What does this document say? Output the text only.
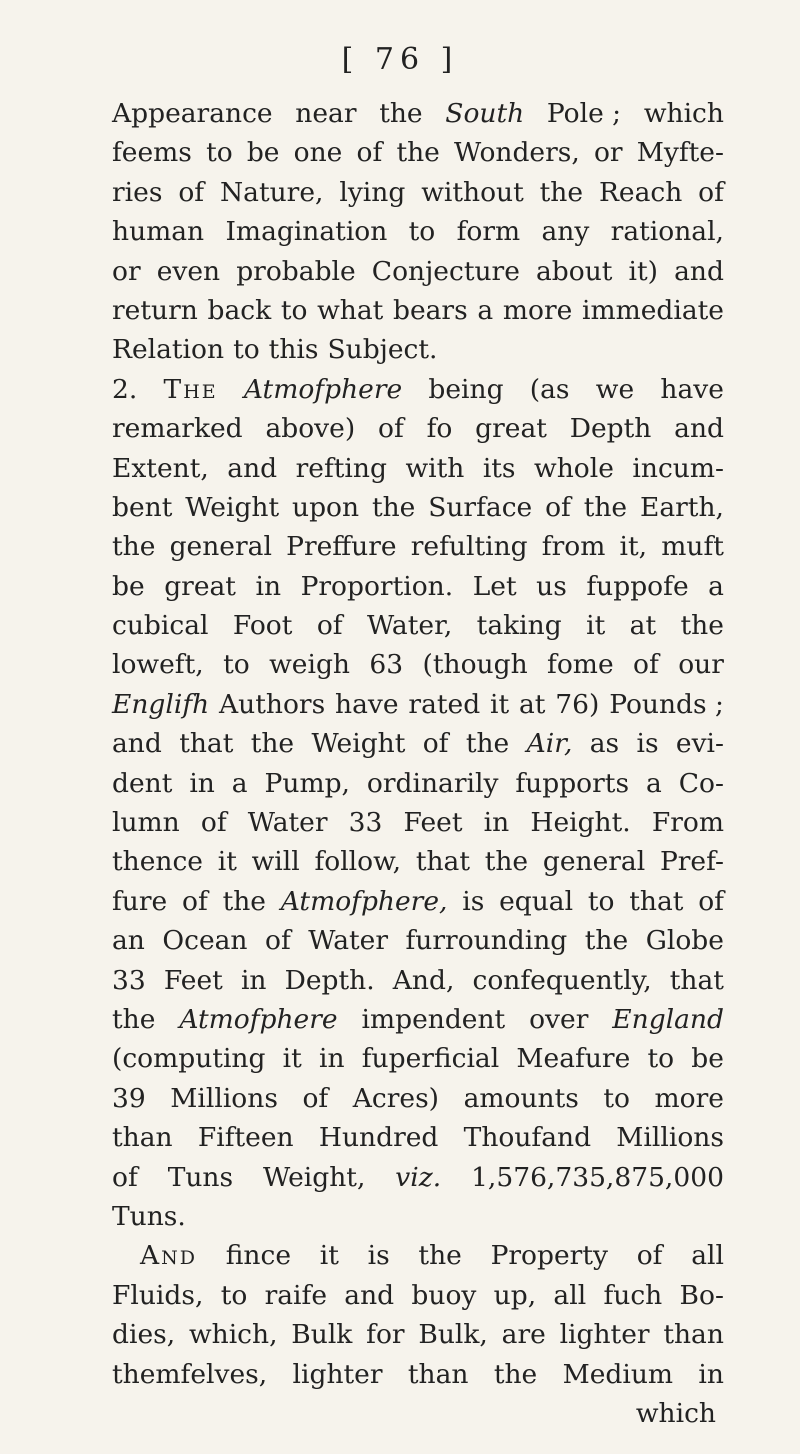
[ 76 ]
Appearance near the South Pole ; which
feems to be one of the Wonders, or Myfte-
ries of Nature, lying without the Reach of
human Imagination to form any rational,
or even probable Conjecture about it) and
return back to what bears a more immediate
Relation to this Subject.
2. The Atmofphere being (as we have
remarked above) of fo great Depth and
Extent, and refting with its whole incum-
bent Weight upon the Surface of the Earth,
the general Preffure refulting from it, muft
be great in Proportion. Let us fuppofe a
cubical Foot of Water, taking it at the
loweft, to weigh 63 (though fome of our
Englifh Authors have rated it at 76) Pounds ;
and that the Weight of the Air, as is evi-
dent in a Pump, ordinarily fupports a Co-
lumn of Water 33 Feet in Height. From
thence it will follow, that the general Pref-
fure of the Atmofphere, is equal to that of
an Ocean of Water furrounding the Globe
33 Feet in Depth. And, confequently, that
the Atmofphere impendent over England
(computing it in fuperficial Meafure to be
39 Millions of Acres) amounts to more
than Fifteen Hundred Thoufand Millions
of Tuns Weight, viz. 1,576,735,875,000
Tuns.
And fince it is the Property of all
Fluids, to raife and buoy up, all fuch Bo-
dies, which, Bulk for Bulk, are lighter than
themfelves, lighter than the Medium in
which
